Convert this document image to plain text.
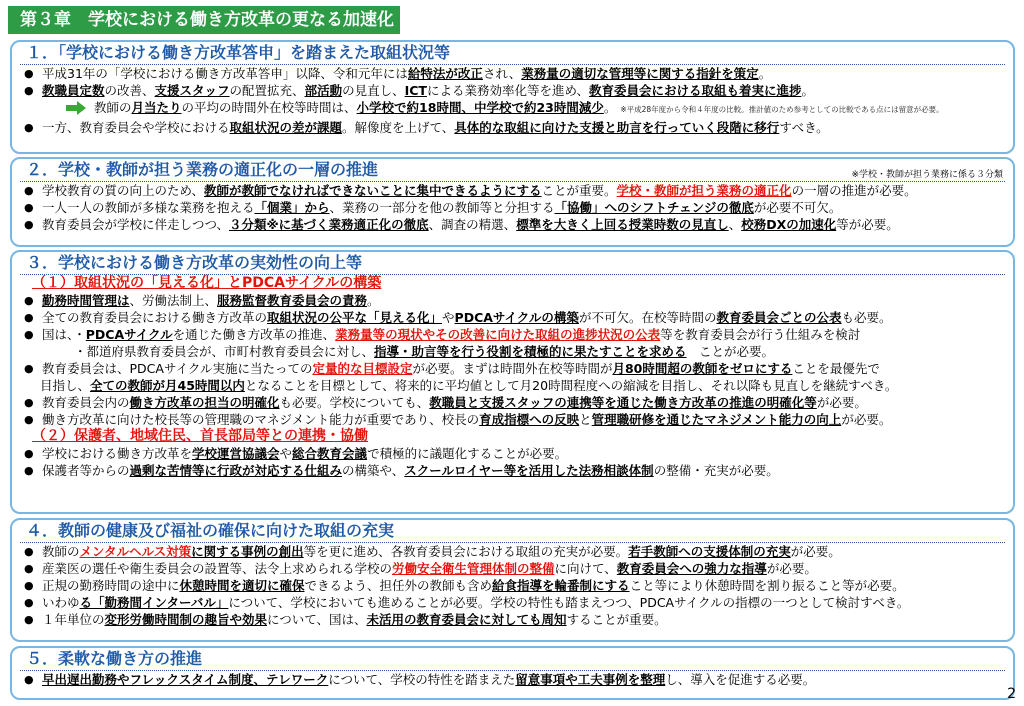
第３章　学校における働き方改革の更なる加速化
１．「学校における働き方改革答申」を踏まえた取組状況等
● 平成31年の「学校における働き方改革答申」以降、令和元年には給特法が改正され、業務量の適切な管理等に関する指針を策定。
● 教職員定数の改善、支援スタッフの配置拡充、部活動の見直し、ICTによる業務効率化等を進め、教育委員会における取組も着実に進捗。
教師の月当たりの平均の時間外在校等時間は、小学校で約18時間、中学校で約23時間減少。 ※平成28年度から令和４年度の比較。推計値のため参考としての比較である点には留意が必要。
● 一方、教育委員会や学校における取組状況の差が課題。解像度を上げて、具体的な取組に向けた支援と助言を行っていく段階に移行すべき。
２．学校・教師が担う業務の適正化の一層の推進	※学校・教師が担う業務に係る３分類
● 学校教育の質の向上のため、教師が教師でなければできないことに集中できるようにすることが重要。学校・教師が担う業務の適正化の一層の推進が必要。
● 一人一人の教師が多様な業務を抱える「個業」から、業務の一部分を他の教師等と分担する「協働」へのシフトチェンジの徹底が必要不可欠。
● 教育委員会が学校に伴走しつつ、３分類※に基づく業務適正化の徹底、調査の精選、標準を大きく上回る授業時数の見直し、校務DXの加速化等が必要。
３．学校における働き方改革の実効性の向上等
（１）取組状況の「見える化」とPDCAサイクルの構築
● 勤務時間管理は、労働法制上、服務監督教育委員会の責務。
● 全ての教育委員会における働き方改革の取組状況の公平な「見える化」やPDCAサイクルの構築が不可欠。在校等時間の教育委員会ごとの公表も必要。
● 国は、・PDCAサイクルを通じた働き方改革の推進、業務量等の現状やその改善に向けた取組の進捗状況の公表等を教育委員会が行う仕組みを検討
・都道府県教育委員会が、市町村教育委員会に対し、指導・助言等を行う役割を積極的に果たすことを求める　ことが必要。
● 教育委員会は、PDCAサイクル実施に当たっての定量的な目標設定が必要。まずは時間外在校等時間が月80時間超の教師をゼロにすることを最優先で
目指し、全ての教師が月45時間以内となることを目標として、将来的に平均値として月20時間程度への縮減を目指し、それ以降も見直しを継続すべき。
● 教育委員会内の働き方改革の担当の明確化も必要。学校についても、教職員と支援スタッフの連携等を通じた働き方改革の推進の明確化等が必要。
● 働き方改革に向けた校長等の管理職のマネジメント能力が重要であり、校長の育成指標への反映と管理職研修を通じたマネジメント能力の向上が必要。
（２）保護者、地域住民、首長部局等との連携・協働
● 学校における働き方改革を学校運営協議会や総合教育会議で積極的に議題化することが必要。
● 保護者等からの過剰な苦情等に行政が対応する仕組みの構築や、スクールロイヤー等を活用した法務相談体制の整備・充実が必要。
４．教師の健康及び福祉の確保に向けた取組の充実
● 教師のメンタルヘルス対策に関する事例の創出等を更に進め、各教育委員会における取組の充実が必要。若手教師への支援体制の充実が必要。
● 産業医の選任や衛生委員会の設置等、法令上求められる学校の労働安全衛生管理体制の整備に向けて、教育委員会への強力な指導が必要。
● 正規の勤務時間の途中に休憩時間を適切に確保できるよう、担任外の教師も含め給食指導を輪番制にすること等により休憩時間を割り振ること等が必要。
● いわゆる「勤務間インターバル」について、学校においても進めることが必要。学校の特性も踏まえつつ、PDCAサイクルの指標の一つとして検討すべき。
● １年単位の変形労働時間制の趣旨や効果について、国は、未活用の教育委員会に対しても周知することが重要。
５．柔軟な働き方の推進
● 早出遅出勤務やフレックスタイム制度、テレワークについて、学校の特性を踏まえた留意事項や工夫事例を整理し、導入を促進する必要。
2
